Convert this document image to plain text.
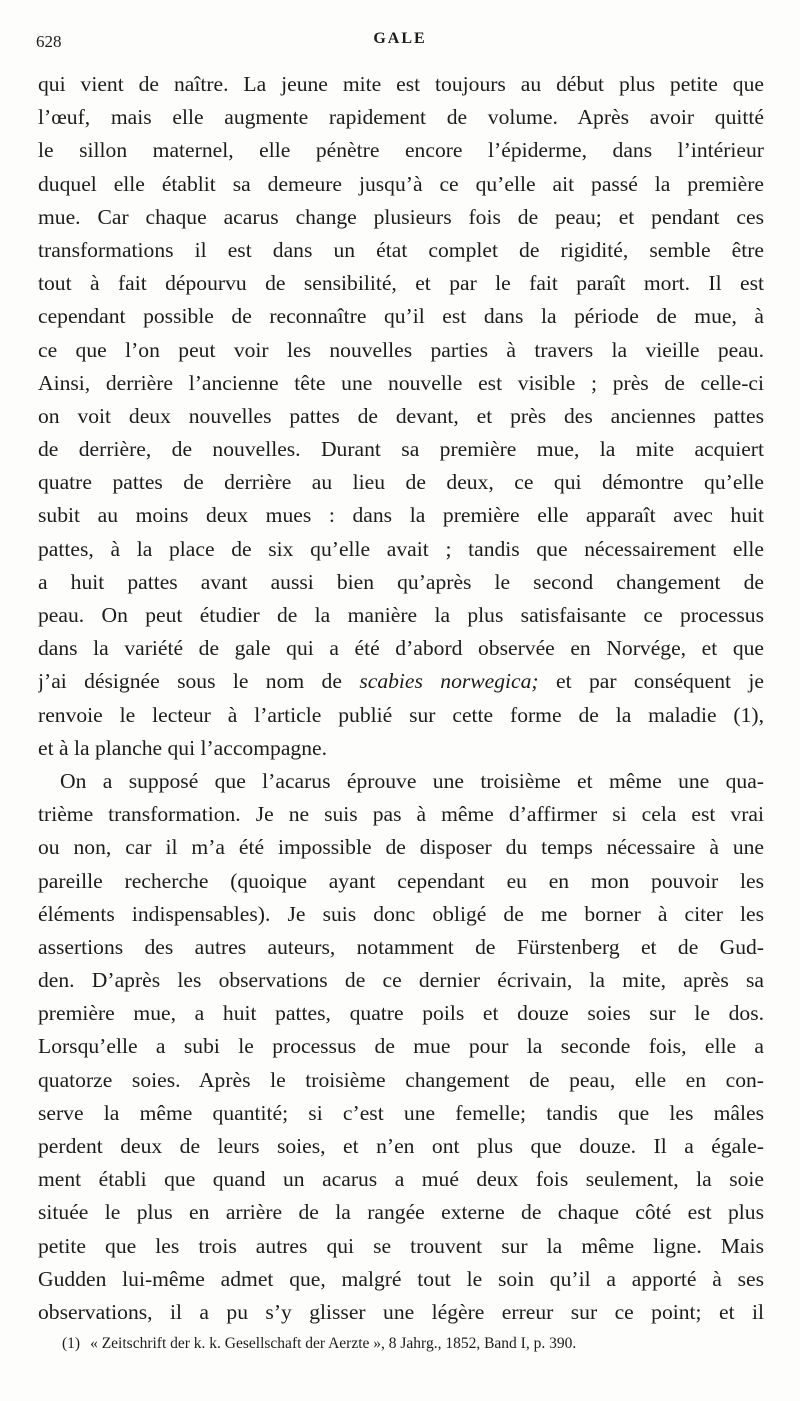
628	GALE

qui vient de naître. La jeune mite est toujours au début plus petite que
l’œuf, mais elle augmente rapidement de volume. Après avoir quitté
le sillon maternel, elle pénètre encore l’épiderme, dans l’intérieur
duquel elle établit sa demeure jusqu’à ce qu’elle ait passé la première
mue. Car chaque acarus change plusieurs fois de peau; et pendant ces
transformations il est dans un état complet de rigidité, semble être
tout à fait dépourvu de sensibilité, et par le fait paraît mort. Il est
cependant possible de reconnaître qu’il est dans la période de mue, à
ce que l’on peut voir les nouvelles parties à travers la vieille peau.
Ainsi, derrière l’ancienne tête une nouvelle est visible ; près de celle-ci
on voit deux nouvelles pattes de devant, et près des anciennes pattes
de derrière, de nouvelles. Durant sa première mue, la mite acquiert
quatre pattes de derrière au lieu de deux, ce qui démontre qu’elle
subit au moins deux mues : dans la première elle apparaît avec huit
pattes, à la place de six qu’elle avait ; tandis que nécessairement elle
a huit pattes avant aussi bien qu’après le second changement de
peau. On peut étudier de la manière la plus satisfaisante ce processus
dans la variété de gale qui a été d’abord observée en Norvége, et que
j’ai désignée sous le nom de scabies norwegica; et par conséquent je
renvoie le lecteur à l’article publié sur cette forme de la maladie (1),
et à la planche qui l’accompagne.

On a supposé que l’acarus éprouve une troisième et même une qua-
trième transformation. Je ne suis pas à même d’affirmer si cela est vrai
ou non, car il m’a été impossible de disposer du temps nécessaire à une
pareille recherche (quoique ayant cependant eu en mon pouvoir les
éléments indispensables). Je suis donc obligé de me borner à citer les
assertions des autres auteurs, notamment de Fürstenberg et de Gud-
den. D’après les observations de ce dernier écrivain, la mite, après sa
première mue, a huit pattes, quatre poils et douze soies sur le dos.
Lorsqu’elle a subi le processus de mue pour la seconde fois, elle a
quatorze soies. Après le troisième changement de peau, elle en con-
serve la même quantité; si c’est une femelle; tandis que les mâles
perdent deux de leurs soies, et n’en ont plus que douze. Il a égale-
ment établi que quand un acarus a mué deux fois seulement, la soie
située le plus en arrière de la rangée externe de chaque côté est plus
petite que les trois autres qui se trouvent sur la même ligne. Mais
Gudden lui-même admet que, malgré tout le soin qu’il a apporté à ses
observations, il a pu s’y glisser une légère erreur sur ce point; et il

(1) « Zeitschrift der k. k. Gesellschaft der Aerzte », 8 Jahrg., 1852, Band I, p. 390.
